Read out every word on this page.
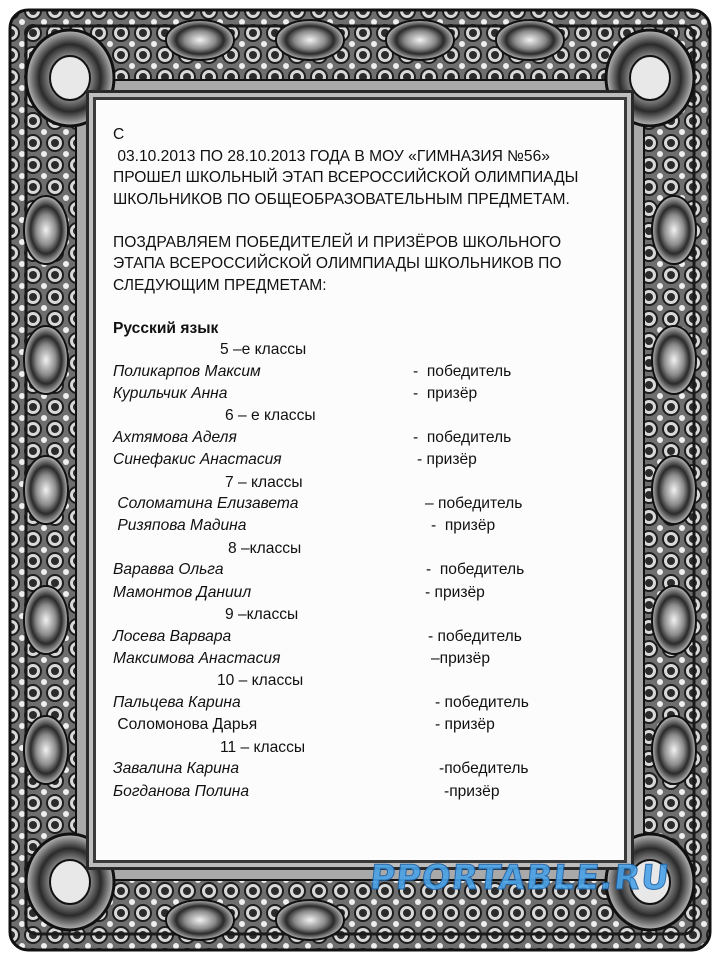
С
03.10.2013 ПО 28.10.2013 ГОДА В МОУ «ГИМНАЗИЯ №56»
ПРОШЕЛ ШКОЛЬНЫЙ ЭТАП ВСЕРОССИЙСКОЙ ОЛИМПИАДЫ
ШКОЛЬНИКОВ ПО ОБЩЕОБРАЗОВАТЕЛЬНЫМ ПРЕДМЕТАМ.
ПОЗДРАВЛЯЕМ ПОБЕДИТЕЛЕЙ И ПРИЗЁРОВ ШКОЛЬНОГО
ЭТАПА ВСЕРОССИЙСКОЙ ОЛИМПИАДЫ ШКОЛЬНИКОВ ПО
СЛЕДУЮЩИМ ПРЕДМЕТАМ:
Русский язык
5 –е классы
Поликарпов Максим	-  победитель
Курильчик Анна	-  призёр
6 – е классы
Ахтямова Аделя	-  победитель
Синефакис Анастасия	- призёр
7 – классы
Соломатина Елизавета	– победитель
Ризяпова Мадина	-  призёр
8 –классы
Варавва Ольга	-  победитель
Мамонтов Даниил	- призёр
9 –классы
Лосева Варвара	- победитель
Максимова Анастасия	–призёр
10 – классы
Пальцева Карина	- победитель
Соломонова Дарья	- призёр
11 – классы
Завалина Карина	-победитель
Богданова Полина	-призёр
PPORTABLE.RU
